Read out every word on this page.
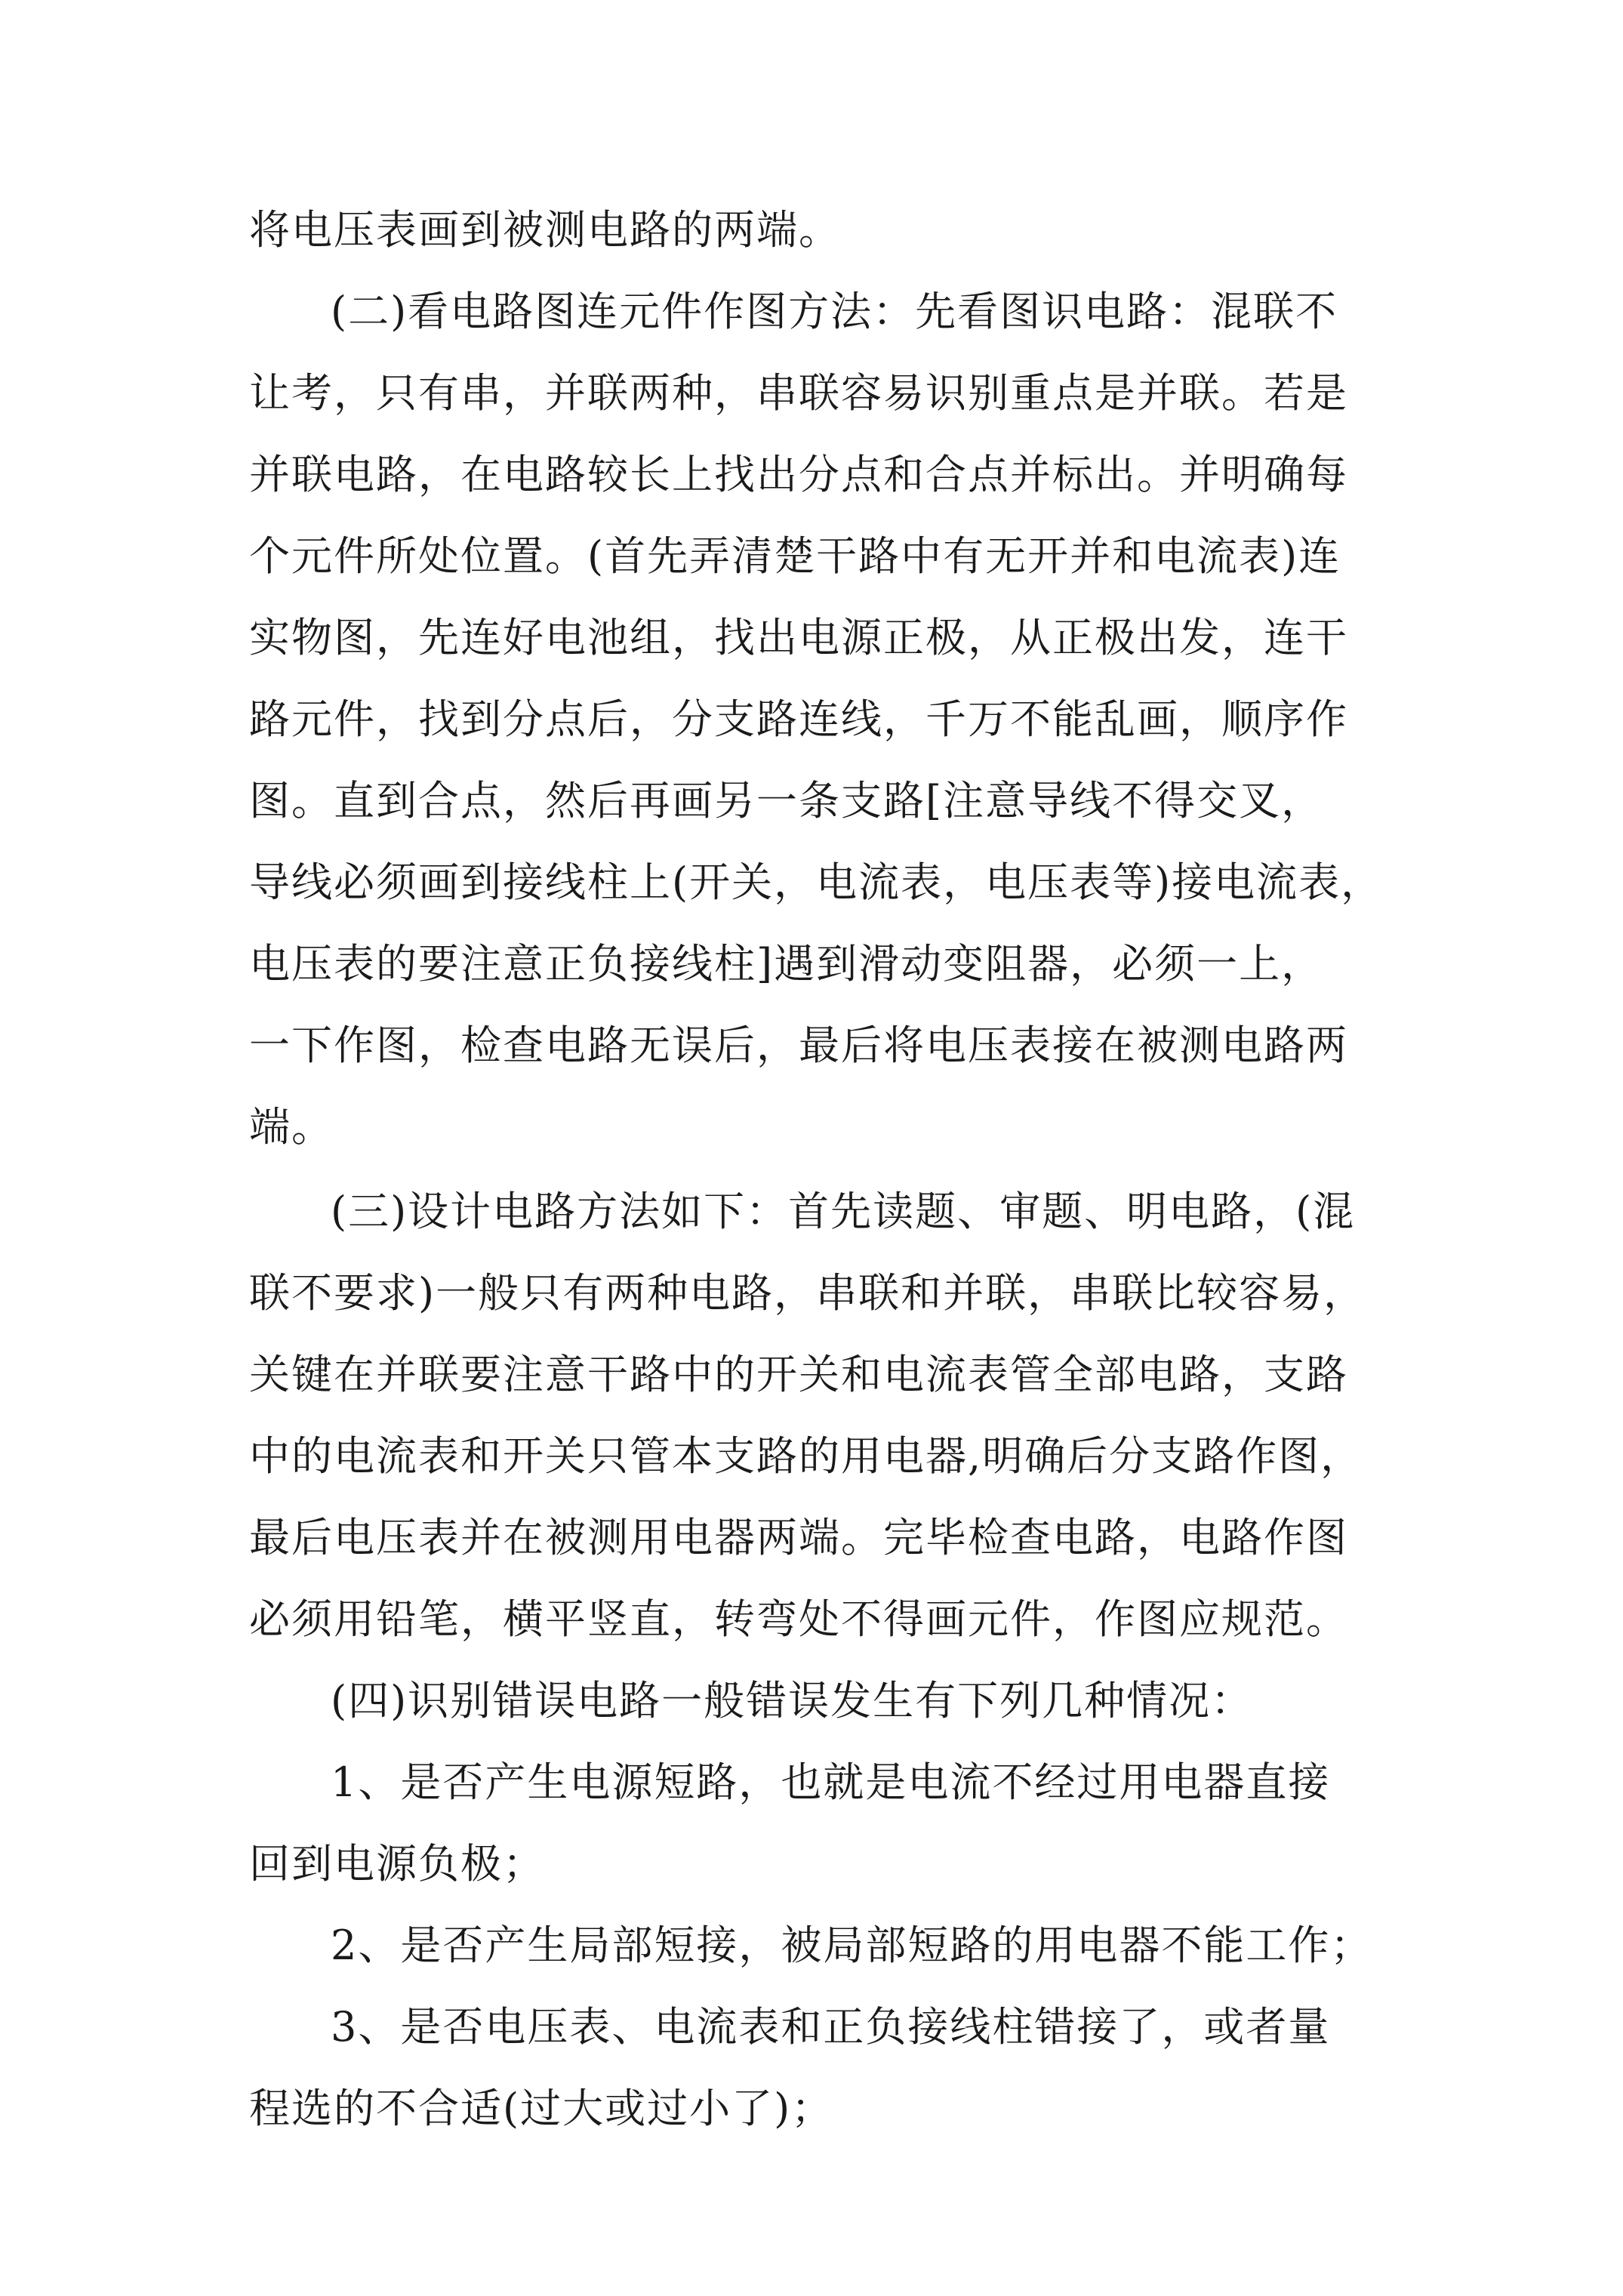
将电压表画到被测电路的两端。
(二)看电路图连元件作图方法：先看图识电路：混联不
让考，只有串，并联两种，串联容易识别重点是并联。若是
并联电路，在电路较长上找出分点和合点并标出。并明确每
个元件所处位置。(首先弄清楚干路中有无开并和电流表)连
实物图，先连好电池组，找出电源正极，从正极出发，连干
路元件，找到分点后，分支路连线，千万不能乱画，顺序作
图。直到合点，然后再画另一条支路[注意导线不得交叉，
导线必须画到接线柱上(开关，电流表，电压表等)接电流表，
电压表的要注意正负接线柱]遇到滑动变阻器，必须一上，
一下作图，检查电路无误后，最后将电压表接在被测电路两
端。
(三)设计电路方法如下：首先读题、审题、明电路，(混
联不要求)一般只有两种电路，串联和并联，串联比较容易，
关键在并联要注意干路中的开关和电流表管全部电路，支路
中的电流表和开关只管本支路的用电器,明确后分支路作图，
最后电压表并在被测用电器两端。完毕检查电路，电路作图
必须用铅笔，横平竖直，转弯处不得画元件，作图应规范。
(四)识别错误电路一般错误发生有下列几种情况：
1、是否产生电源短路，也就是电流不经过用电器直接
回到电源负极；
2、是否产生局部短接，被局部短路的用电器不能工作；
3、是否电压表、电流表和正负接线柱错接了，或者量
程选的不合适(过大或过小了)；
